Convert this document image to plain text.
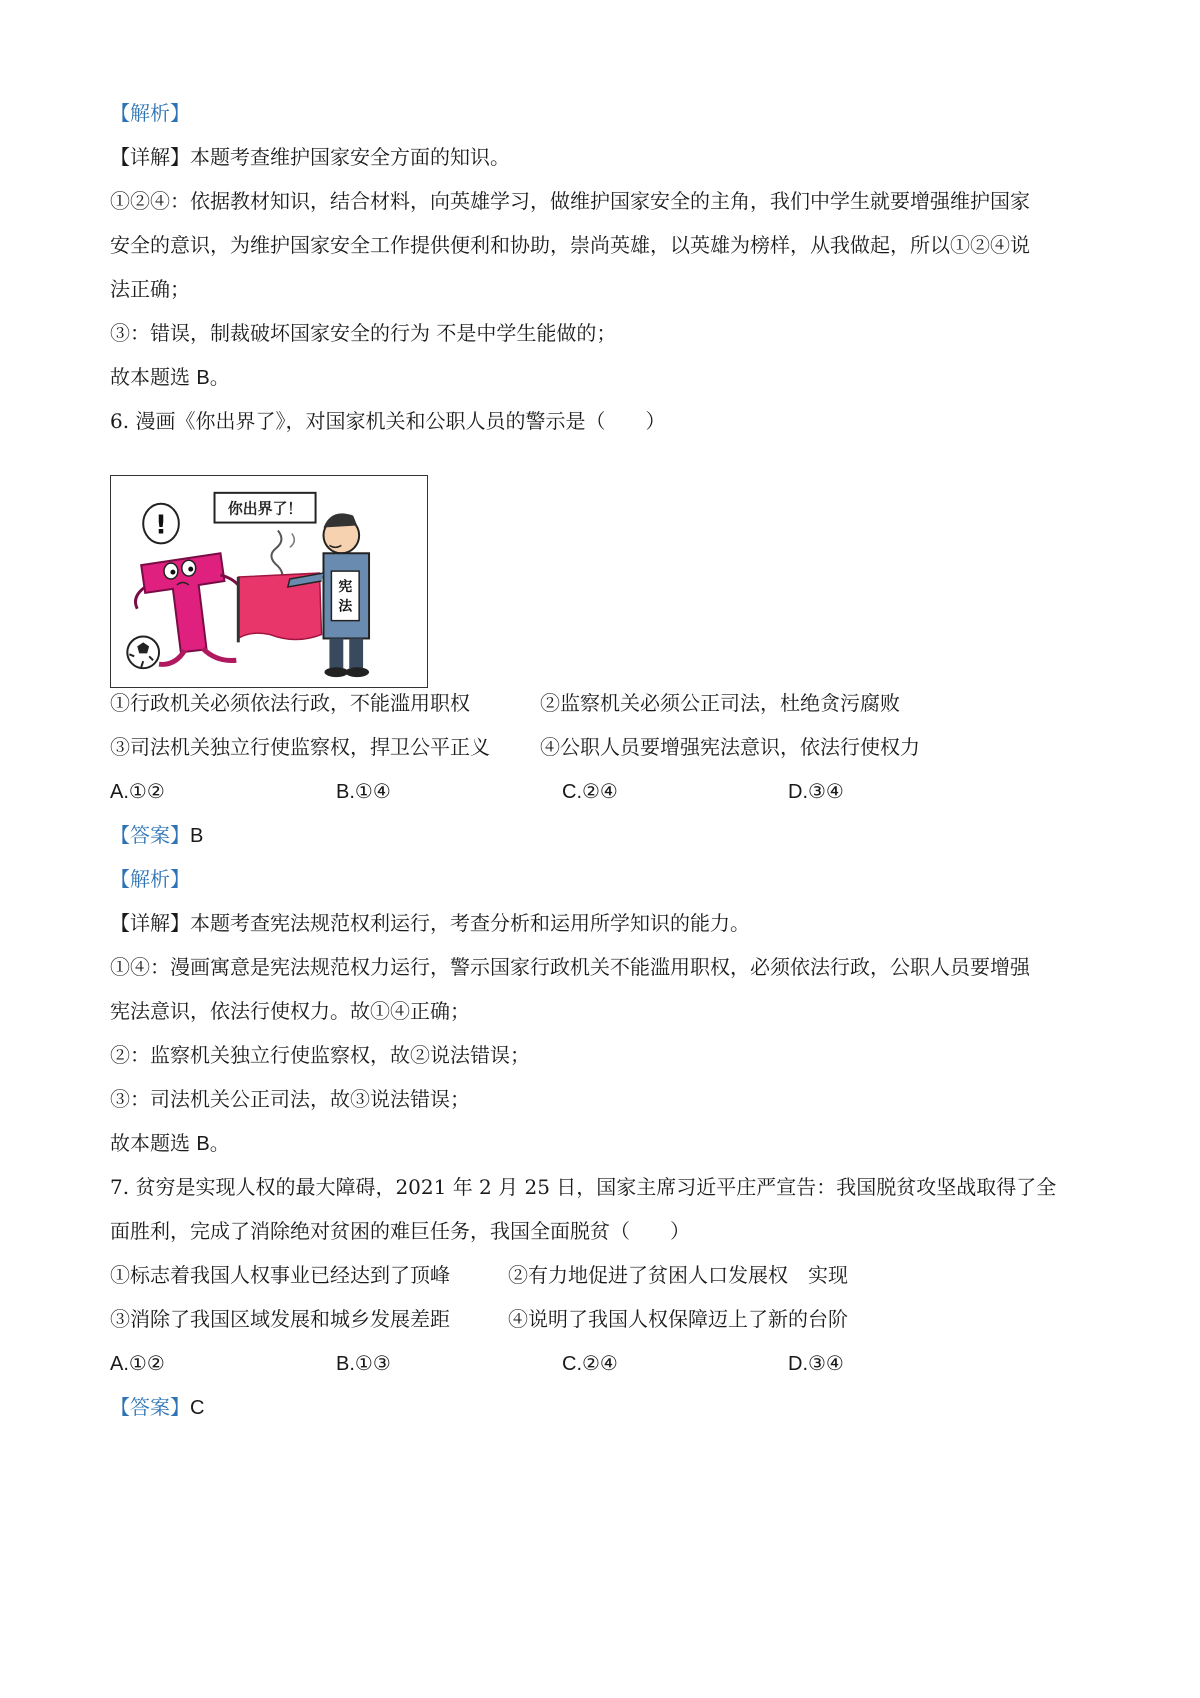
【解析】
【详解】本题考查维护国家安全方面的知识。
①②④：依据教材知识，结合材料，向英雄学习，做维护国家安全的主角，我们中学生就要增强维护国家
安全的意识，为维护国家安全工作提供便利和协助，崇尚英雄，以英雄为榜样，从我做起，所以①②④说
法正确；
③：错误，制裁破坏国家安全的行为 不是中学生能做的；
故本题选 B。
6. 漫画《你出界了》，对国家机关和公职人员的警示是（　　）
你出界了！
!
宪
法
①行政机关必须依法行政，不能滥用职权	②监察机关必须公正司法，杜绝贪污腐败
③司法机关独立行使监察权，捍卫公平正义	④公职人员要增强宪法意识，依法行使权力
A.①②	B.①④	C.②④	D.③④
【答案】B
【解析】
【详解】本题考查宪法规范权利运行，考查分析和运用所学知识的能力。
①④：漫画寓意是宪法规范权力运行，警示国家行政机关不能滥用职权，必须依法行政，公职人员要增强
宪法意识，依法行使权力。故①④正确；
②：监察机关独立行使监察权，故②说法错误；
③：司法机关公正司法，故③说法错误；
故本题选 B。
7. 贫穷是实现人权的最大障碍，2021 年 2 月 25 日，国家主席习近平庄严宣告：我国脱贫攻坚战取得了全
面胜利，完成了消除绝对贫困的难巨任务，我国全面脱贫（　　）
①标志着我国人权事业已经达到了顶峰	②有力地促进了贫困人口发展权　实现
③消除了我国区域发展和城乡发展差距	④说明了我国人权保障迈上了新的台阶
A.①②	B.①③	C.②④	D.③④
【答案】C
